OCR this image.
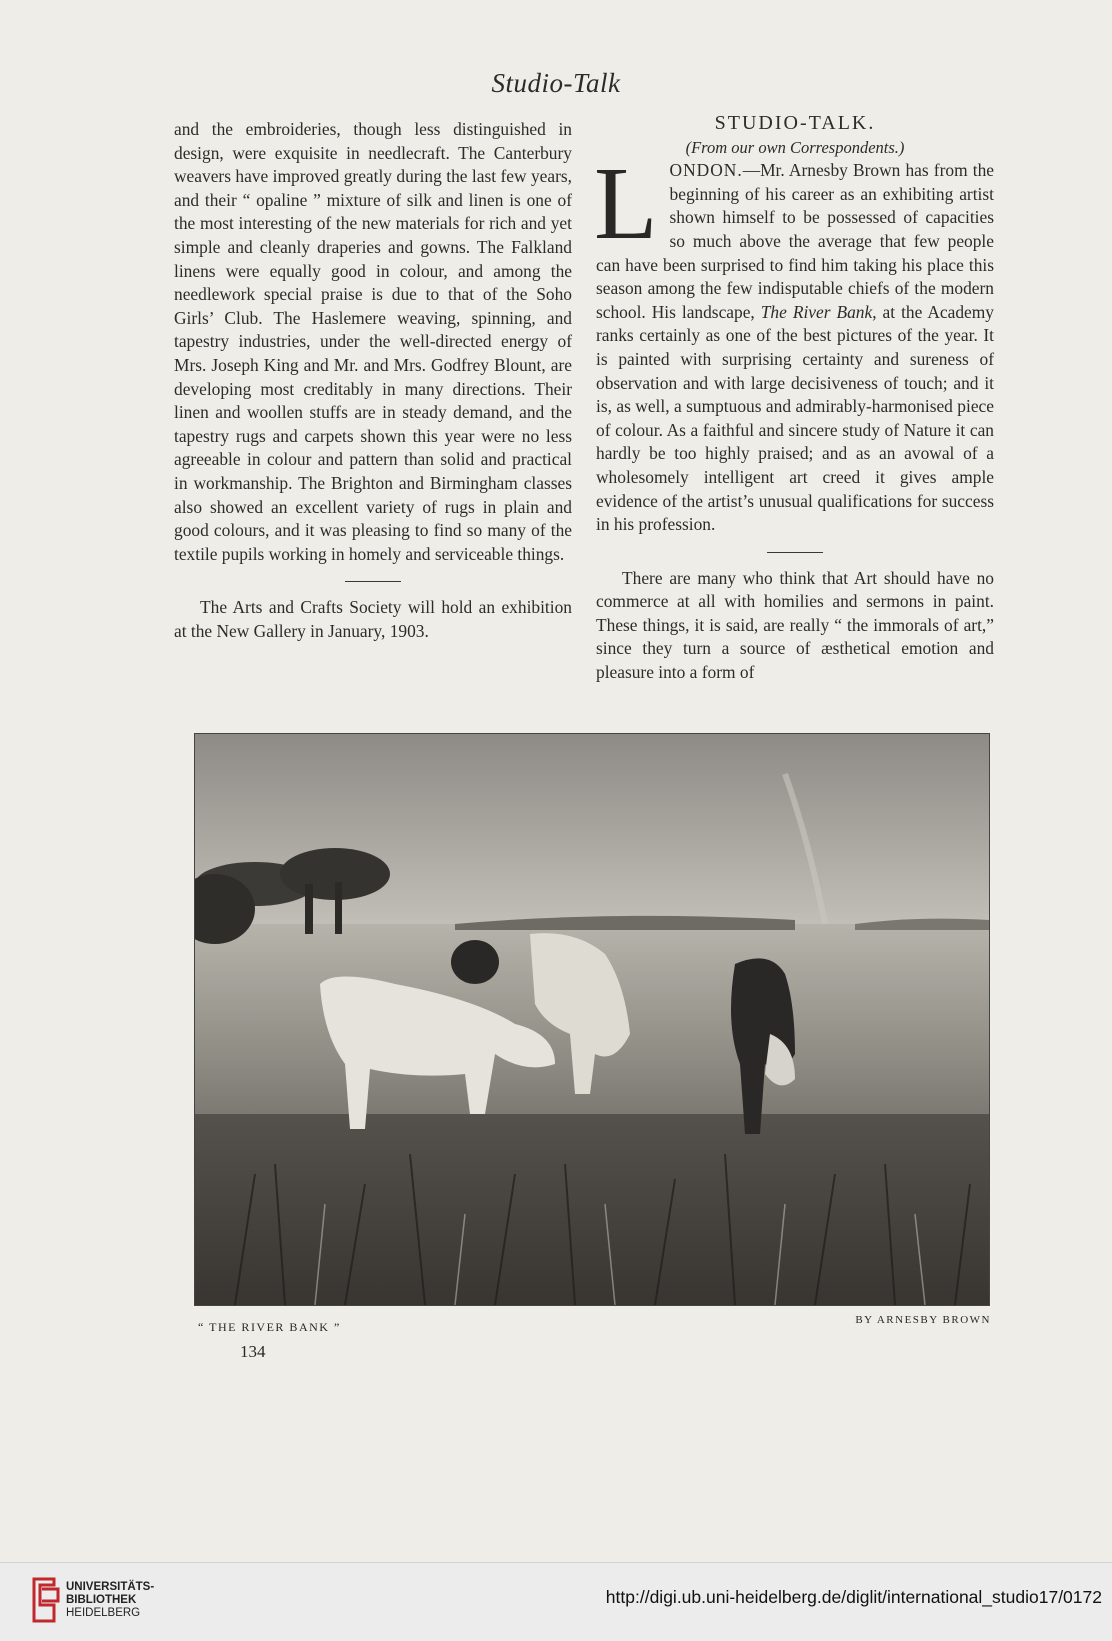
Studio-Talk

and the embroideries, though less distinguished in design, were exquisite in needlecraft. The Canterbury weavers have improved greatly during the last few years, and their “ opaline ” mixture of silk and linen is one of the most interesting of the new materials for rich and yet simple and cleanly draperies and gowns. The Falkland linens were equally good in colour, and among the needlework special praise is due to that of the Soho Girls’ Club. The Haslemere weaving, spinning, and tapestry industries, under the well-directed energy of Mrs. Joseph King and Mr. and Mrs. Godfrey Blount, are developing most creditably in many directions. Their linen and woollen stuffs are in steady demand, and the tapestry rugs and carpets shown this year were no less agreeable in colour and pattern than solid and practical in workmanship. The Brighton and Birmingham classes also showed an excellent variety of rugs in plain and good colours, and it was pleasing to find so many of the textile pupils working in homely and serviceable things.

The Arts and Crafts Society will hold an exhibition at the New Gallery in January, 1903.

STUDIO-TALK.

(From our own Correspondents.)

LONDON.—Mr. Arnesby Brown has from the beginning of his career as an exhibiting artist shown himself to be possessed of capacities so much above the average that few people can have been surprised to find him taking his place this season among the few indisputable chiefs of the modern school. His landscape, The River Bank, at the Academy ranks certainly as one of the best pictures of the year. It is painted with surprising certainty and sureness of observation and with large decisiveness of touch; and it is, as well, a sumptuous and admirably-harmonised piece of colour. As a faithful and sincere study of Nature it can hardly be too highly praised; and as an avowal of a wholesomely intelligent art creed it gives ample evidence of the artist’s unusual qualifications for success in his profession.

There are many who think that Art should have no commerce at all with homilies and sermons in paint. These things, it is said, are really “ the immorals of art,” since they turn a source of æsthetical emotion and pleasure into a form of

“ THE RIVER BANK ”	BY ARNESBY BROWN
134
UNIVERSITÄTS-
BIBLIOTHEK
HEIDELBERG
http://digi.ub.uni-heidelberg.de/diglit/international_studio17/0172
